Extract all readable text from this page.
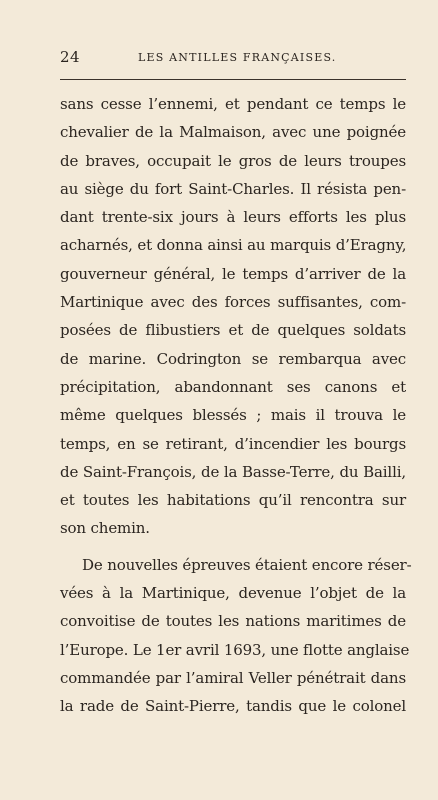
24	LES ANTILLES FRANÇAISES.
sans cesse l’ennemi, et pendant ce temps le
chevalier de la Malmaison, avec une poignée
de braves, occupait le gros de leurs troupes
au siège du fort Saint-Charles. Il résista pen-
dant trente-six jours à leurs efforts les plus
acharnés, et donna ainsi au marquis d’Eragny,
gouverneur général, le temps d’arriver de la
Martinique avec des forces suffisantes, com-
posées de flibustiers et de quelques soldats
de marine. Codrington se rembarqua avec
précipitation, abandonnant ses canons et
même quelques blessés ; mais il trouva le
temps, en se retirant, d’incendier les bourgs
de Saint-François, de la Basse-Terre, du Bailli,
et toutes les habitations qu’il rencontra sur
son chemin.
De nouvelles épreuves étaient encore réser-
vées à la Martinique, devenue l’objet de la
convoitise de toutes les nations maritimes de
l’Europe. Le 1er avril 1693, une flotte anglaise
commandée par l’amiral Veller pénétrait dans
la rade de Saint-Pierre, tandis que le colonel
